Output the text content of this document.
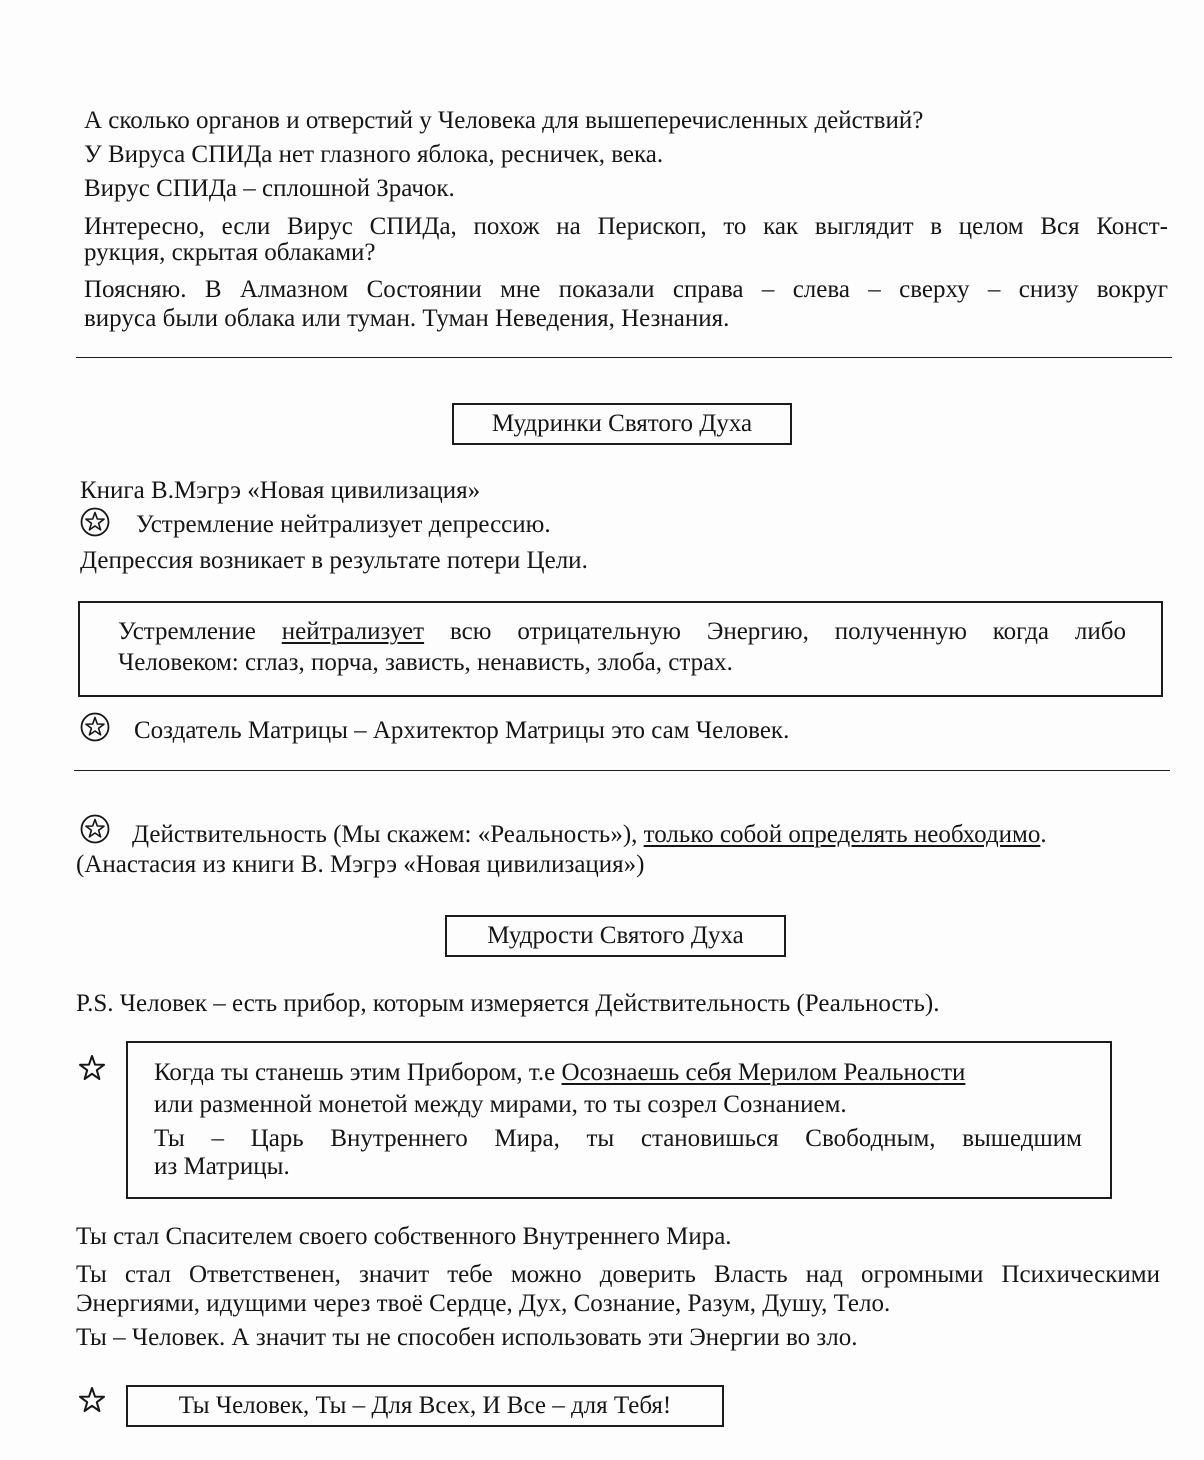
А сколько органов и отверстий у Человека для вышеперечисленных действий?

У Вируса СПИДа нет глазного яблока, ресничек, века.

Вирус СПИДа – сплошной Зрачок.

Интересно, если Вирус СПИДа, похож на Перископ, то как выглядит в целом Вся Конст-

рукция, скрытая облаками?

Поясняю. В Алмазном Состоянии мне показали справа – слева – сверху – снизу вокруг

вируса были облака или туман. Туман Неведения, Незнания.

Мудринки Святого Духа

Книга В.Мэгрэ «Новая цивилизация»

Устремление нейтрализует депрессию.

Депрессия возникает в результате потери Цели.

Устремление нейтрализует всю отрицательную Энергию, полученную когда либо

Человеком: сглаз, порча, зависть, ненависть, злоба, страх.

Создатель Матрицы – Архитектор Матрицы это сам Человек.

Действительность (Мы скажем: «Реальность»), только собой определять необходимо.

(Анастасия из книги В. Мэгрэ «Новая цивилизация»)

Мудрости Святого Духа

P.S. Человек – есть прибор, которым измеряется Действительность (Реальность).

Когда ты станешь этим Прибором, т.е Осознаешь себя Мерилом Реальности

или разменной монетой между мирами, то ты созрел Сознанием.

Ты – Царь Внутреннего Мира, ты становишься Свободным, вышедшим

из Матрицы.

Ты стал Спасителем своего собственного Внутреннего Мира.

Ты стал Ответственен, значит тебе можно доверить Власть над огромными Психическими

Энергиями, идущими через твоё Сердце, Дух, Сознание, Разум, Душу, Тело.

Ты – Человек. А значит ты не способен использовать эти Энергии во зло.

Ты Человек, Ты – Для Всех, И Все – для Тебя!
